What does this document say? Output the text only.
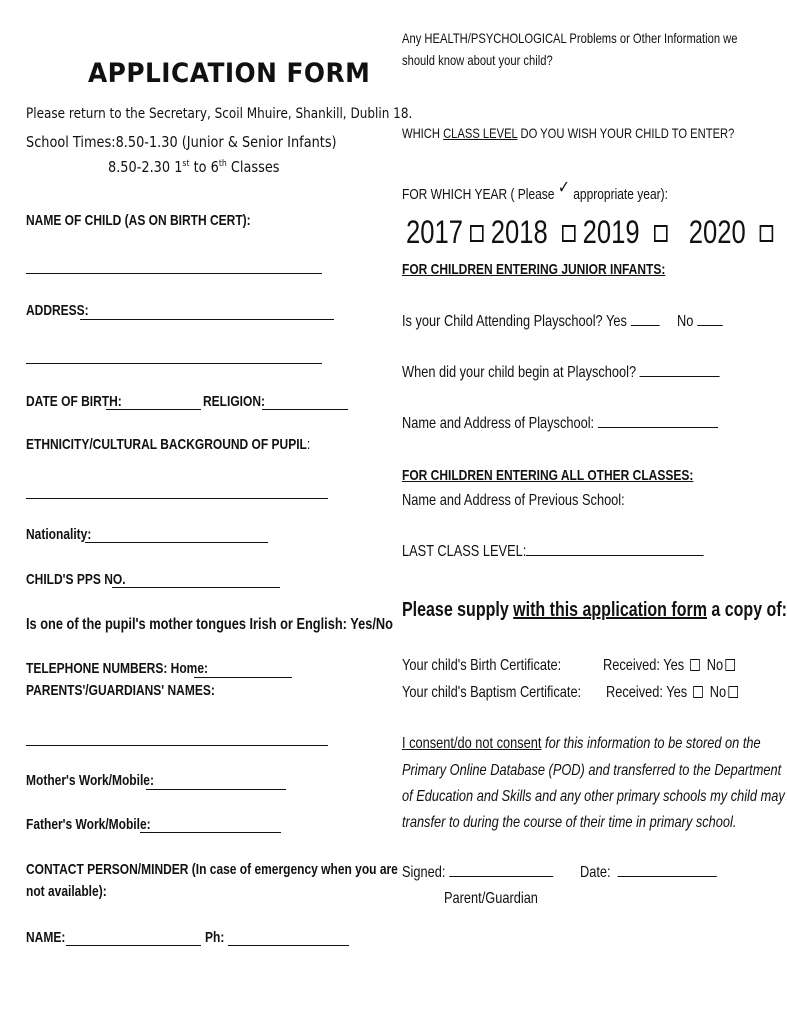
APPLICATION FORM
Please return to the Secretary, Scoil Mhuire, Shankill, Dublin 18.
School Times:8.50-1.30 (Junior & Senior Infants)
8.50-2.30 1st to 6th Classes
NAME OF CHILD (AS ON BIRTH CERT):
ADDRESS:
DATE OF BIRTH:	RELIGION:
ETHNICITY/CULTURAL BACKGROUND OF PUPIL:
Nationality:
CHILD'S PPS NO.
Is one of the pupil's mother tongues Irish or English: Yes/No
TELEPHONE NUMBERS: Home:
PARENTS'/GUARDIANS' NAMES:
Mother's Work/Mobile:
Father's Work/Mobile:
CONTACT PERSON/MINDER (In case of emergency when you are
not available):
NAME:	Ph:
Any HEALTH/PSYCHOLOGICAL Problems or Other Information we
should know about your child?
WHICH CLASS LEVEL DO YOU WISH YOUR CHILD TO ENTER?
FOR WHICH YEAR ( Please ✓ appropriate year):
2017 2018 2019 2020
FOR CHILDREN ENTERING JUNIOR INFANTS:
Is your Child Attending Playschool? Yes	No
When did your child begin at Playschool?
Name and Address of Playschool:
FOR CHILDREN ENTERING ALL OTHER CLASSES:
Name and Address of Previous School:
LAST CLASS LEVEL:
Please supply with this application form a copy of:
Your child's Birth Certificate:	Received: Yes No
Your child's Baptism Certificate: Received: Yes No
I consent/do not consent for this information to be stored on the
Primary Online Database (POD) and transferred to the Department
of Education and Skills and any other primary schools my child may
transfer to during the course of their time in primary school.
Signed:	Date:
Parent/Guardian
